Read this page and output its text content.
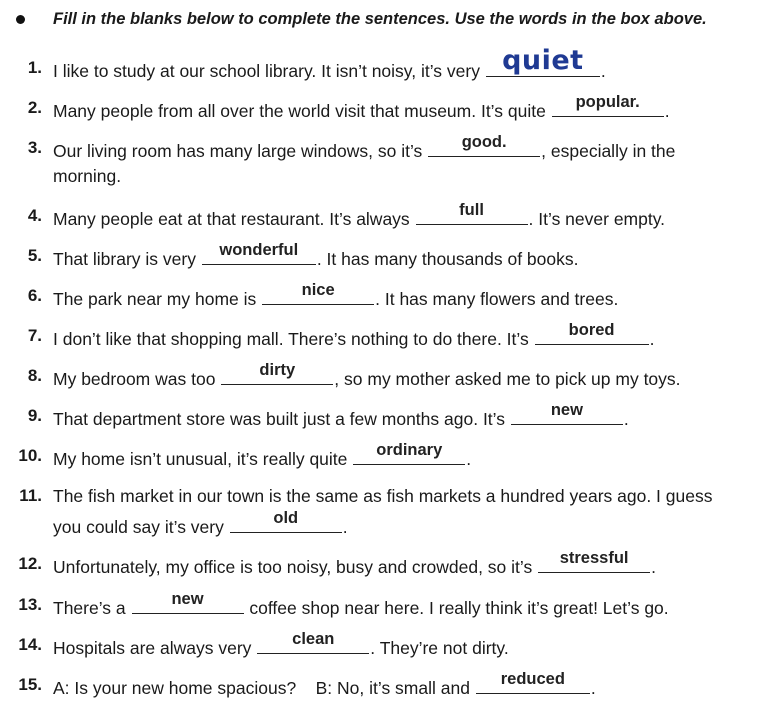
Fill in the blanks below to complete the sentences. Use the words in the box above.
1. I like to study at our school library. It isn’t noisy, it’s very quiet .
2. Many people from all over the world visit that museum. It’s quite	popular.	.
3. Our living room has many large windows, so it’s	good.	, especially in the
morning.
4. Many people eat at that restaurant. It’s always	full	. It’s never empty.
5. That library is very	wonderful	. It has many thousands of books.
6. The park near my home is	nice	. It has many flowers and trees.
7. I don’t like that shopping mall. There’s nothing to do there. It’s	bored	.
8. My bedroom was too	dirty	, so my mother asked me to pick up my toys.
9. That department store was built just a few months ago. It’s	new	.
10. My home isn’t unusual, it’s really quite	ordinary	.
11. The fish market in our town is the same as fish markets a hundred years ago. I guess
you could say it’s very	old	.
12. Unfortunately, my office is too noisy, busy and crowded, so it’s	stressful	.
13. There’s a	new	coffee shop near here. I really think it’s great! Let’s go.
14. Hospitals are always very	clean	. They’re not dirty.
15. A: Is your new home spacious?    B: No, it’s small and	reduced	.
